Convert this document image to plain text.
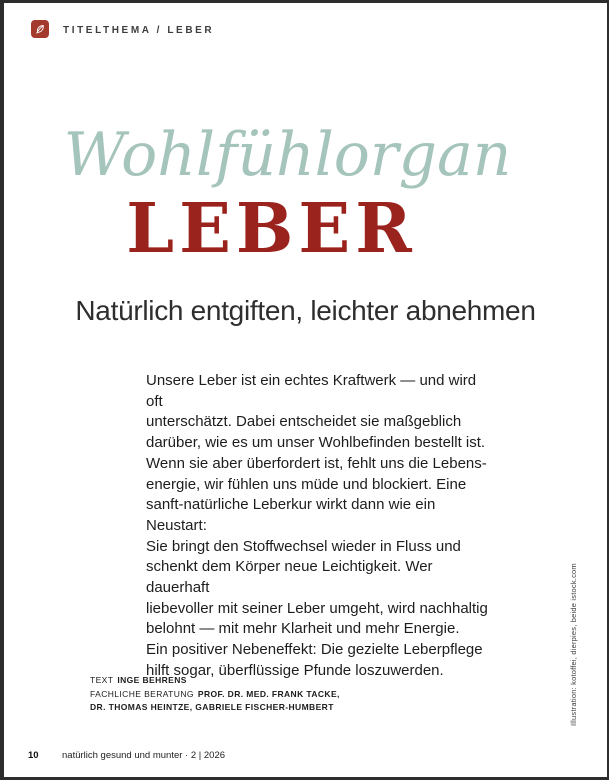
TITELTHEMA / LEBER
Wohlfühlorgan
LEBER
Natürlich entgiften, leichter abnehmen

Unsere Leber ist ein echtes Kraftwerk — und wird oft
unterschätzt. Dabei entscheidet sie maßgeblich
darüber, wie es um unser Wohlbefinden bestellt ist.
Wenn sie aber überfordert ist, fehlt uns die Lebens-
energie, wir fühlen uns müde und blockiert. Eine
sanft-natürliche Leberkur wirkt dann wie ein Neustart:
Sie bringt den Stoffwechsel wieder in Fluss und
schenkt dem Körper neue Leichtigkeit. Wer dauerhaft
liebevoller mit seiner Leber umgeht, wird nachhaltig
belohnt — mit mehr Klarheit und mehr Energie.
Ein positiver Nebeneffekt: Die gezielte Leberpflege
hilft sogar, überflüssige Pfunde loszuwerden.

TEXT INGE BEHRENS
FACHLICHE BERATUNG PROF. DR. MED. FRANK TACKE,
DR. THOMAS HEINTZE, GABRIELE FISCHER-HUMBERT	Illustration: kotoffei, dierpies, beide istock.com
10 natürlich gesund und munter · 2 | 2026
